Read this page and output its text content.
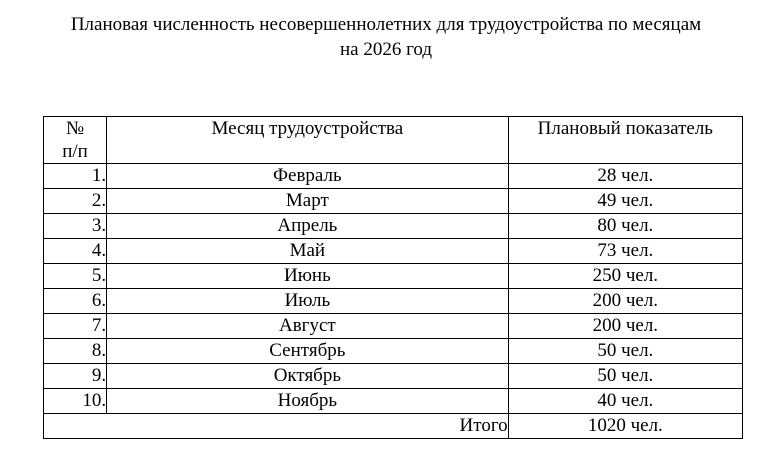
Плановая численность несовершеннолетних для трудоустройства по месяцам
на 2026 год
№
п/п	Месяц трудоустройства	Плановый показатель
1.	Февраль	28 чел.
2.	Март	49 чел.
3.	Апрель	80 чел.
4.	Май	73 чел.
5.	Июнь	250 чел.
6.	Июль	200 чел.
7.	Август	200 чел.
8.	Сентябрь	50 чел.
9.	Октябрь	50 чел.
10.	Ноябрь	40 чел.
Итого		1020 чел.
